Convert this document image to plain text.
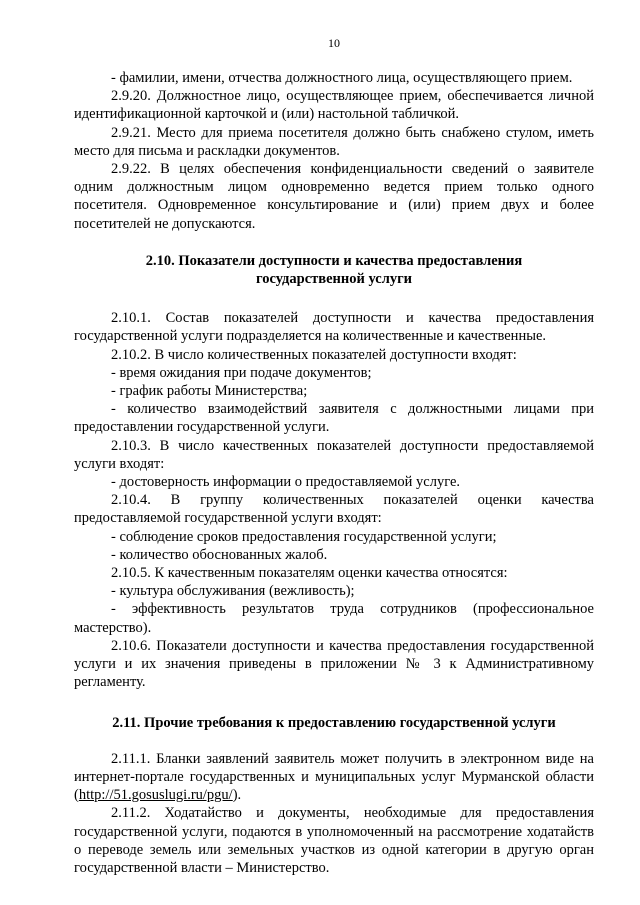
10

- фамилии, имени, отчества должностного лица, осуществляющего прием.

2.9.20. Должностное лицо, осуществляющее прием, обеспечивается личной идентификационной карточкой и (или) настольной табличкой.

2.9.21. Место для приема посетителя должно быть снабжено стулом, иметь место для письма и раскладки документов.

2.9.22. В целях обеспечения конфиденциальности сведений о заявителе одним должностным лицом одновременно ведется прием только одного посетителя. Одновременное консультирование и (или) прием двух и более посетителей не допускаются.

2.10. Показатели доступности и качества предоставления государственной услуги

2.10.1. Состав показателей доступности и качества предоставления государственной услуги подразделяется на количественные и качественные.

2.10.2. В число количественных показателей доступности входят:

- время ожидания при подаче документов;

- график работы Министерства;

- количество взаимодействий заявителя с должностными лицами при предоставлении государственной услуги.

2.10.3. В число качественных показателей доступности предоставляемой услуги входят:

- достоверность информации о предоставляемой услуге.

2.10.4. В группу количественных показателей оценки качества предоставляемой государственной услуги входят:

- соблюдение сроков предоставления государственной услуги;

- количество обоснованных жалоб.

2.10.5. К качественным показателям оценки качества относятся:

- культура обслуживания (вежливость);

- эффективность результатов труда сотрудников (профессиональное мастерство).

2.10.6. Показатели доступности и качества предоставления государственной услуги и их значения приведены в приложении № 3 к Административному регламенту.

2.11. Прочие требования к предоставлению государственной услуги

2.11.1. Бланки заявлений заявитель может получить в электронном виде на интернет-портале государственных и муниципальных услуг Мурманской области (http://51.gosuslugi.ru/pgu/).

2.11.2. Ходатайство и документы, необходимые для предоставления государственной услуги, подаются в уполномоченный на рассмотрение ходатайств о переводе земель или земельных участков из одной категории в другую орган государственной власти – Министерство.
